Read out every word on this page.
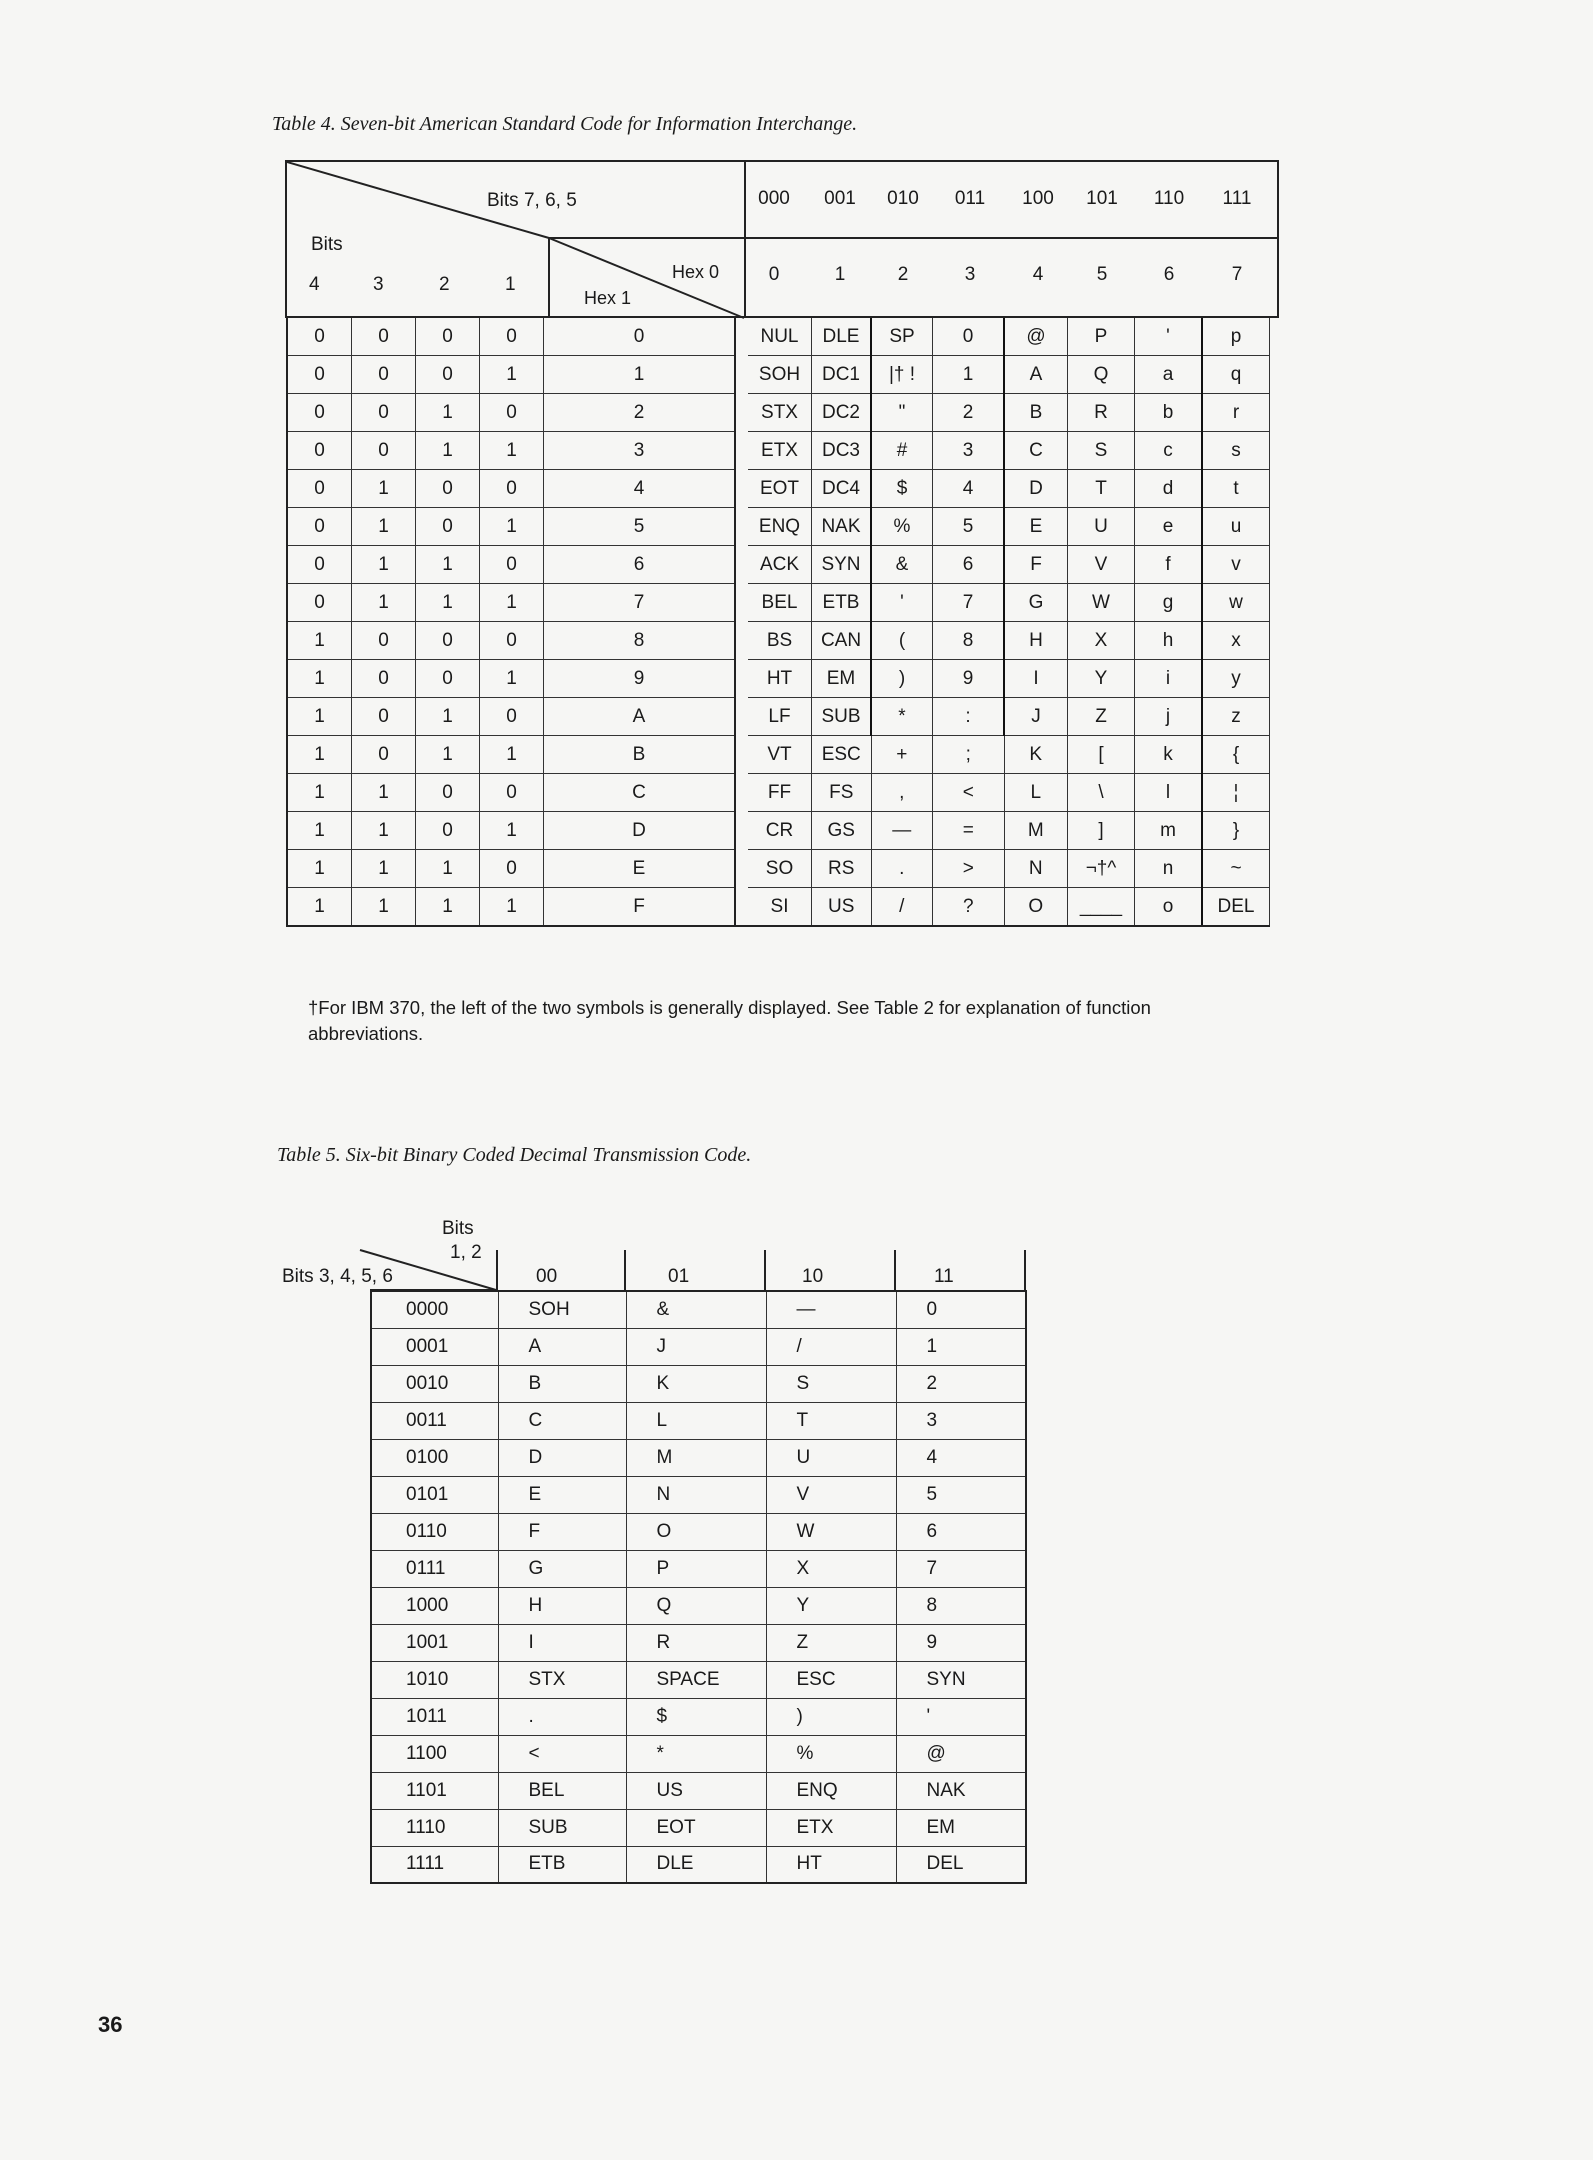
Table 4. Seven-bit American Standard Code for Information Interchange.
Bits 7, 6, 5
Bits
4	3	2	1
Hex 0
Hex 1
000	001	010	011	100	101	110	111
0	1	2	3	4	5	6	7
0	0	0	0	0		NUL	DLE	SP	0	@	P	'	p
0	0	0	1	1		SOH	DC1	|† !	1	A	Q	a	q
0	0	1	0	2		STX	DC2	"	2	B	R	b	r
0	0	1	1	3		ETX	DC3	#	3	C	S	c	s
0	1	0	0	4		EOT	DC4	$	4	D	T	d	t
0	1	0	1	5		ENQ	NAK	%	5	E	U	e	u
0	1	1	0	6		ACK	SYN	&	6	F	V	f	v
0	1	1	1	7		BEL	ETB	'	7	G	W	g	w
1	0	0	0	8		BS	CAN	(	8	H	X	h	x
1	0	0	1	9		HT	EM	)	9	I	Y	i	y
1	0	1	0	A		LF	SUB	*	:	J	Z	j	z
1	0	1	1	B		VT	ESC	+	;	K	[	k	{
1	1	0	0	C		FF	FS	,	<	L	\	l	¦
1	1	0	1	D		CR	GS	—	=	M	]	m	}
1	1	1	0	E		SO	RS	.	>	N	¬†^	n	~
1	1	1	1	F		SI	US	/	?	O	____	o	DEL
†For IBM 370, the left of the two symbols is generally displayed. See Table 2 for explanation of function abbreviations.
Table 5. Six-bit Binary Coded Decimal Transmission Code.
Bits
1, 2
Bits 3, 4, 5, 6	00	01	10	11
0000	SOH	&	—	0
0001	A	J	/	1
0010	B	K	S	2
0011	C	L	T	3
0100	D	M	U	4
0101	E	N	V	5
0110	F	O	W	6
0111	G	P	X	7
1000	H	Q	Y	8
1001	I	R	Z	9
1010	STX	SPACE	ESC	SYN
1011	.	$	)	'
1100	<	*	%	@
1101	BEL	US	ENQ	NAK
1110	SUB	EOT	ETX	EM
1111	ETB	DLE	HT	DEL
36
